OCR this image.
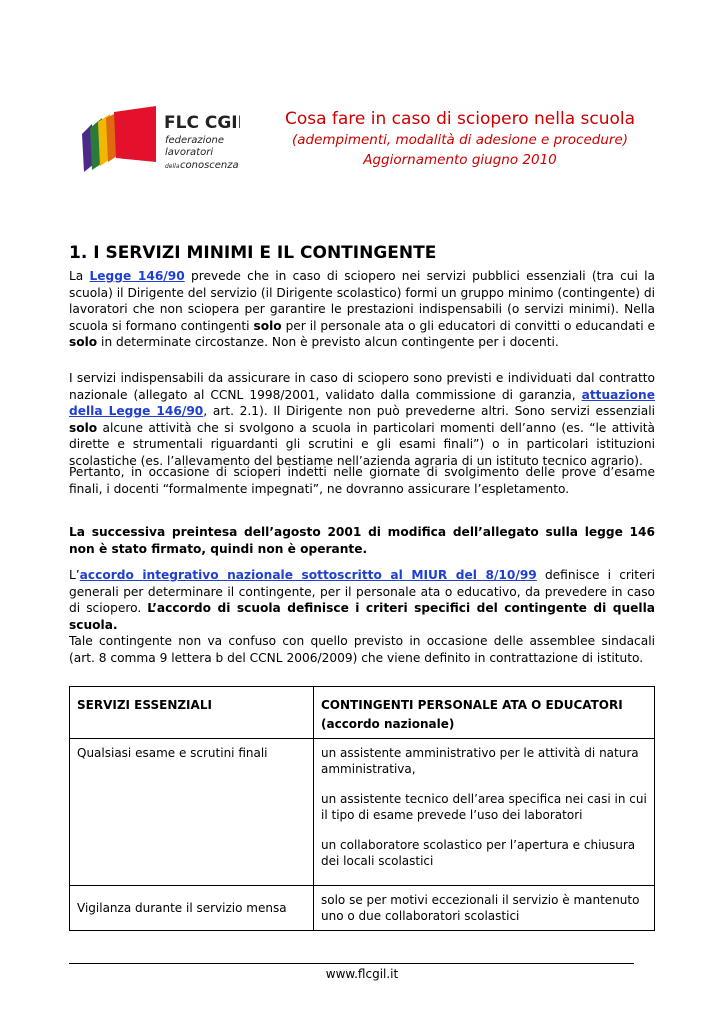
FLC CGIL
federazione
lavoratori
della conoscenza
Cosa fare in caso di sciopero nella scuola
(adempimenti, modalità di adesione e procedure)
Aggiornamento giugno 2010
1. I SERVIZI MINIMI E IL CONTINGENTE
La Legge 146/90 prevede che in caso di sciopero nei servizi pubblici essenziali (tra cui la scuola) il Dirigente del servizio (il Dirigente scolastico) formi un gruppo minimo (contingente) di lavoratori che non sciopera per garantire le prestazioni indispensabili (o servizi minimi). Nella scuola si formano contingenti solo per il personale ata o gli educatori di convitti o educandati e solo in determinate circostanze. Non è previsto alcun contingente per i docenti.
I servizi indispensabili da assicurare in caso di sciopero sono previsti e individuati dal contratto nazionale (allegato al CCNL 1998/2001, validato dalla commissione di garanzia, attuazione della Legge 146/90, art. 2.1). Il Dirigente non può prevederne altri. Sono servizi essenziali solo alcune attività che si svolgono a scuola in particolari momenti dell’anno (es. “le attività dirette e strumentali riguardanti gli scrutini e gli esami finali”) o in particolari istituzioni scolastiche (es. l’allevamento del bestiame nell’azienda agraria di un istituto tecnico agrario).
Pertanto, in occasione di scioperi indetti nelle giornate di svolgimento delle prove d’esame finali, i docenti “formalmente impegnati”, ne dovranno assicurare l’espletamento.
La successiva preintesa dell’agosto 2001 di modifica dell’allegato sulla legge 146 non è stato firmato, quindi non è operante.
L’accordo integrativo nazionale sottoscritto al MIUR del 8/10/99 definisce i criteri generali per determinare il contingente, per il personale ata o educativo, da prevedere in caso di sciopero. L’accordo di scuola definisce i criteri specifici del contingente di quella scuola.
Tale contingente non va confuso con quello previsto in occasione delle assemblee sindacali (art. 8 comma 9 lettera b del CCNL 2006/2009) che viene definito in contrattazione di istituto.
SERVIZI ESSENZIALI	CONTINGENTI PERSONALE ATA O EDUCATORI
(accordo nazionale)

Qualsiasi esame e scrutini finali	un assistente amministrativo per le attività di natura amministrativa,

un assistente tecnico dell’area specifica nei casi in cui il tipo di esame prevede l’uso dei laboratori

un collaboratore scolastico per l’apertura e chiusura dei locali scolastici

Vigilanza durante il servizio mensa	solo se per motivi eccezionali il servizio è mantenuto uno o due collaboratori scolastici
www.flcgil.it
